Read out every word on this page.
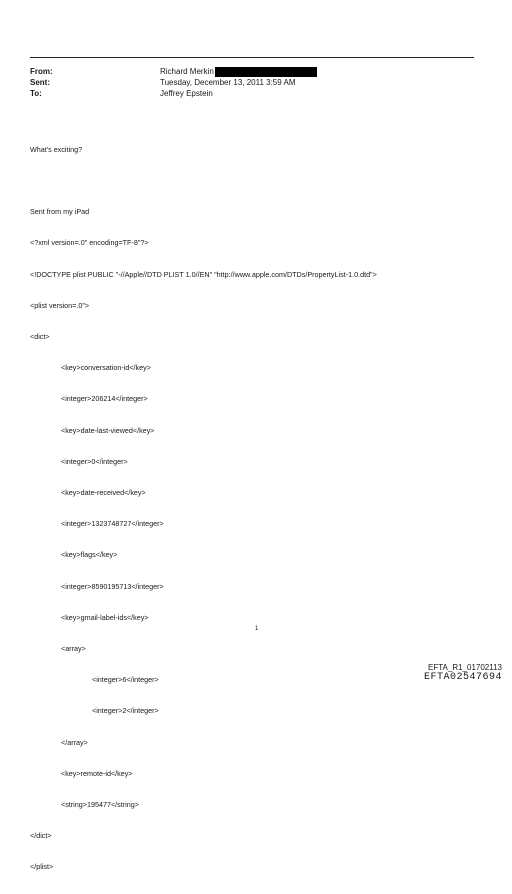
From:	Richard Merkin
Sent:	Tuesday, December 13, 2011 3:59 AM
To:	Jeffrey Epstein

What's exciting?

Sent from my iPad

<?xml version=.0" encoding=TF-8"?>

<!DOCTYPE plist PUBLIC "-//Apple//DTD PLIST 1.0//EN" "http://www.apple.com/DTDs/PropertyList-1.0.dtd">

<plist version=.0">

<dict>

<key>conversation-id</key>

<integer>206214</integer>

<key>date-last-viewed</key>

<integer>0</integer>

<key>date-received</key>

<integer>1323748727</integer>

<key>flags</key>

<integer>8590195713</integer>

<key>gmail-label-ids</key>

<array>

<integer>6</integer>

<integer>2</integer>

</array>

<key>remote-id</key>

<string>195477</string>

</dict>

</plist>

1
EFTA_R1_01702113
EFTA02547694
